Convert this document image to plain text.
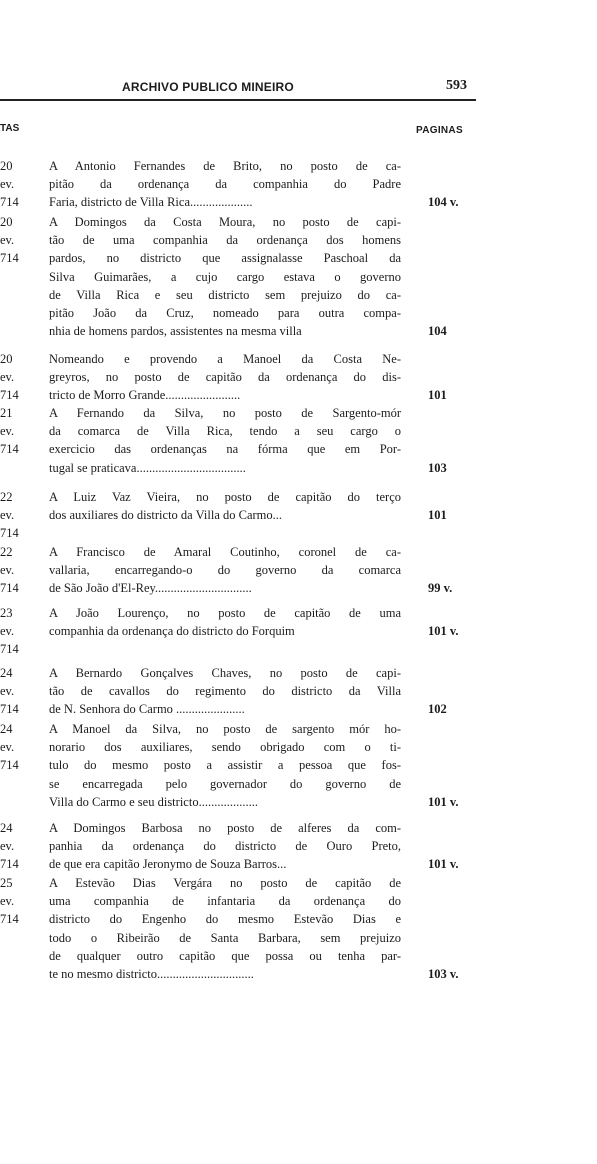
ARCHIVO PUBLICO MINEIRO	593
TAS	PAGINAS
20
ev.
714
A Antonio Fernandes de Brito, no posto de ca-
pitão da ordenança da companhia do Padre
Faria, districto de Villa Rica....................	104 v.
20
ev.
714
A Domingos da Costa Moura, no posto de capi-
tão de uma companhia da ordenança dos homens
pardos, no districto que assignalasse Paschoal da
Silva Guimarães, a cujo cargo estava o governo
de Villa Rica e seu districto sem prejuizo do ca-
pitão João da Cruz, nomeado para outra compa-
nhia de homens pardos, assistentes na mesma villa	104
20
ev.
714
Nomeando e provendo a Manoel da Costa Ne-
greyros, no posto de capitão da ordenança do dis-
tricto de Morro Grande........................	101
21
ev.
714
A Fernando da Silva, no posto de Sargento-mór
da comarca de Villa Rica, tendo a seu cargo o
exercicio das ordenanças na fórma que em Por-
tugal se praticava...................................	103
22
ev.
714
A Luiz Vaz Vieira, no posto de capitão do terço
dos auxiliares do districto da Villa do Carmo...	101
22
ev.
714
A Francisco de Amaral Coutinho, coronel de ca-
vallaria, encarregando-o do governo da comarca
de São João d'El-Rey...............................	99 v.
23
ev.
714
A João Lourenço, no posto de capitão de uma
companhia da ordenança do districto do Forquim	101 v.
24
ev.
714
A Bernardo Gonçalves Chaves, no posto de capi-
tão de cavallos do regimento do districto da Villa
de N. Senhora do Carmo ......................	102
24
ev.
714
A Manoel da Silva, no posto de sargento mór ho-
norario dos auxiliares, sendo obrigado com o ti-
tulo do mesmo posto a assistir a pessoa que fos-
se encarregada pelo governador do governo de
Villa do Carmo e seu districto...................	101 v.
24
ev.
714
A Domingos Barbosa no posto de alferes da com-
panhia da ordenança do districto de Ouro Preto,
de que era capitão Jeronymo de Souza Barros...	101 v.
25
ev.
714
A Estevão Dias Vergára no posto de capitão de
uma companhia de infantaria da ordenança do
districto do Engenho do mesmo Estevão Dias e
todo o Ribeirão de Santa Barbara, sem prejuizo
de qualquer outro capitão que possa ou tenha par-
te no mesmo districto...............................	103 v.
